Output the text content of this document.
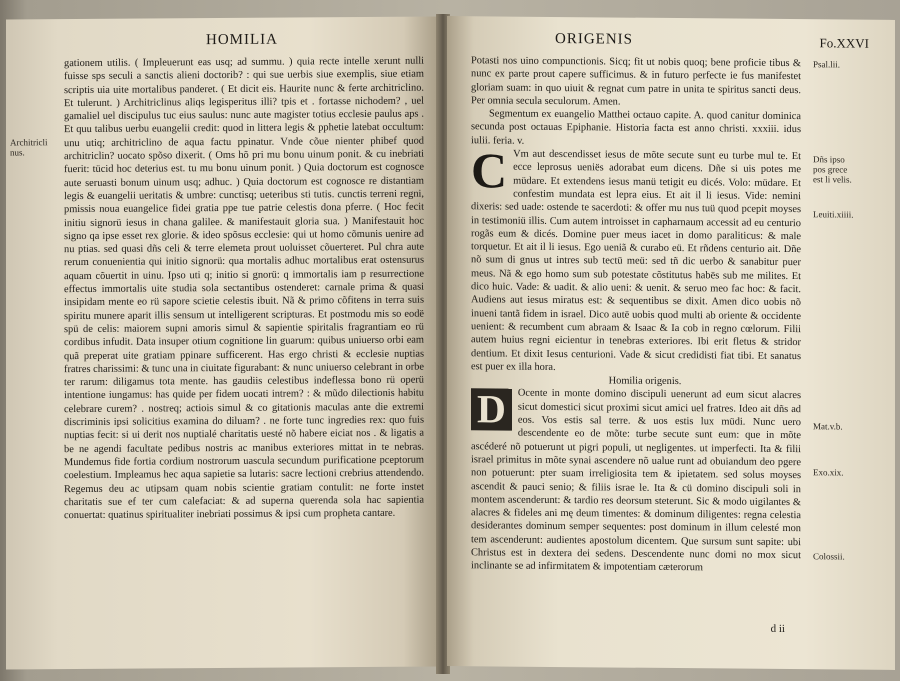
HOMILIA
Architricli nus.

gationem utilis. ( Impleuerunt eas usq; ad summu. ) quia recte intelle xerunt nulli fuisse sps seculi a sanctis alieni doctorib? : qui sue uerbis siue exemplis, siue etiam scriptis uia uite mortalibus panderet. ( Et dicit eis. Haurite nunc & ferte architriclino. Et tulerunt. ) Architriclinus aliqs legisperitus illi? tpis et . fortasse nichodem? , uel gamaliel uel discipulus tuc eius saulus: nunc aute magister totius ecclesie paulus aps . Et quu talibus uerbu euangelii credit: quod in littera legis & pphetie latebat occultum: unu utiq; architriclino de aqua factu ppinatur. Vnde cõue nienter phibef quod architriclin? uocato spõso dixerit. ( Oms hõ pri mu bonu uinum ponit. & cu inebriati fuerit: tücid hoc deterius est. tu mu bonu uinum ponit. ) Quia doctorum est cognosce aute seruasti bonum uinum usq; adhuc. ) Quia doctorum est cognosce re distantiam legis & euangelii ueritatis & umbre: cunctisq; ueteribus sti tutis. cunctis terreni regni, pmissis noua euangelice fidei gratia ppe tue patrie celestis dona pferre. ( Hoc fecit initiu signorü iesus in chana galilee. & manifestauit gloria sua. ) Manifestauit hoc signo qa ipse esset rex glorie. & ideo spõsus ecclesie: qui ut homo cõmunis uenire ad nu ptias. sed quasi dñs celi & terre elemeta prout uoluisset cõuerteret. Pul chra aute rerum conuenientia qui initio signorü: qua mortalis adhuc mortalibus erat ostensurus aquam cõuertit in uinu. Ipso uti q; initio si gnorü: q immortalis iam p resurrectione effectus immortalis uite studia sola sectantibus ostenderet: carnale prima & quasi insipidam mente eo rü sapore scietie celestis ibuit. Nã & primo cõfitens in terra suis spiritu munere aparit illis sensum ut intelligerent scripturas. Et postmodu mis so eodë spü de celis: maiorem supni amoris simul & sapientie spiritalis fragrantiam eo rü cordibus infudit. Data insuper otium cognitione lin guarum: quibus uniuerso orbi eam quã preperat uite gratiam ppinare sufficerent. Has ergo christi & ecclesie nuptias fratres charissimi: & tunc una in ciuitate figurabant: & nunc uniuerso celebrant in orbe ter rarum: diligamus tota mente. has gaudiis celestibus indeflessa bono rü operü intentione iungamus: has quide per fidem uocati intrem? : & mũdo dilectionis habitu celebrare curem? . nostreq; actiois simul & co gitationis maculas ante die extremi discriminis ipsi solicitius examina do diluam? . ne forte tunc ingredies rex: quo fuis nuptias fecit: si ui derit nos nuptialé charitatis uesté nõ habere eiciat nos . & ligatis a be ne agendi facultate pedibus nostris ac manibus exteriores mittat in te nebras. Mundemus fide fortia cordium nostrorum uascula secundum purificatione pceptorum coelestium. Impleamus hec aqua sapietie sa lutaris: sacre lectioni crebrius attendendo. Regemus deu ac utipsam quam nobis scientie gratiam contulit: ne forte instet charitatis sue ef ter cum calefaciat: & ad superna querenda sola hac sapientia conuertat: quatinus spiritualiter inebriati possimus & ipsi cum propheta cantare.

ORIGENIS	Fo.XXVI
Psal.lii.
Dñs ipso pos grece est li velis.
Leuiti.xiiii.
Mat.v.b.
Exo.xix.
Colossii.

Potasti nos uino compunctionis. Sicq; fit ut nobis quoq; bene proficie tibus & nunc ex parte prout capere sufficimus. & in futuro perfecte ie fus manifestet gloriam suam: in quo uiuit & regnat cum patre in unita te spiritus sancti deus. Per omnia secula seculorum. Amen.

Segmentum ex euangelio Matthei octauo capite. A. quod canitur dominica secunda post octauas Epiphanie. Historia facta est anno christi. xxxiii. idus iulii. feria. v.

C Vm aut descendisset iesus de mõte secute sunt eu turbe mul te. Et ecce leprosus ueniës adorabat eum dicens. Dñe si uis potes me müdare. Et extendens iesus manü tetigit eu dicés. Volo: müdare. Et confestim mundata est lepra eius. Et ait il li iesus. Vide: nemini dixeris: sed uade: ostende te sacerdoti: & offer mu nus tuü quod pcepit moyses in testimoniü illis. Cum autem introisset in capharnaum accessit ad eu centurio rogãs eum & dicés. Domine puer meus iacet in domo paraliticus: & male torquetur. Et ait il li iesus. Ego ueniã & curabo eü. Et rñdens centurio ait. Dñe nõ sum di gnus ut intres sub tectü meü: sed tñ dic uerbo & sanabitur puer meus. Nã & ego homo sum sub potestate cõstitutus habës sub me milites. Et dico huic. Vade: & uadit. & alio ueni: & uenit. & seruo meo fac hoc: & facit. Audiens aut iesus miratus est: & sequentibus se dixit. Amen dico uobis nõ inueni tantã fidem in israel. Dico autë uobis quod multi ab oriente & occidente uenient: & recumbent cum abraam & Isaac & Ia cob in regno cœlorum. Filii autem huius regni eicientur in tenebras exteriores. Ibi erit fletus & stridor dentium. Et dixit Iesus centurioni. Vade & sicut credidisti fiat tibi. Et sanatus est puer ex illa hora.

Homilia origenis.

D	Ocente in monte domino discipuli uenerunt ad eum sicut alacres sicut domestici sicut proximi sicut amici uel fratres. Ideo ait dñs ad eos. Vos estis sal terre. & uos estis lux müdi. Nunc uero descendente eo de mõte: turbe secute sunt eum: que in mõte ascéderé nõ potuerunt ut pigri populi, ut negligentes. ut imperfecti. Ita & filii israel primitus in mõte synai ascendere nõ ualue runt ad obuiandum deo pgere non potuerunt: pter suam irreligiosita tem & ipietatem. sed solus moyses ascendit & pauci senio; & filiis israe le. Ita & cü domino discipuli soli in montem ascenderunt: & tardio res deorsum steterunt. Sic & modo uigilantes & alacres & fideles ani mę deum timentes: & dominum diligentes: regna celestia desiderantes dominum semper sequentes: post dominum in illum celesté mon tem ascenderunt: audientes apostolum dicentem. Que sursum sunt sapite: ubi Christus est in dextera dei sedens. Descendente nunc domi no mox sicut inclinante se ad infirmitatem & impotentiam cæterorum

d ii
